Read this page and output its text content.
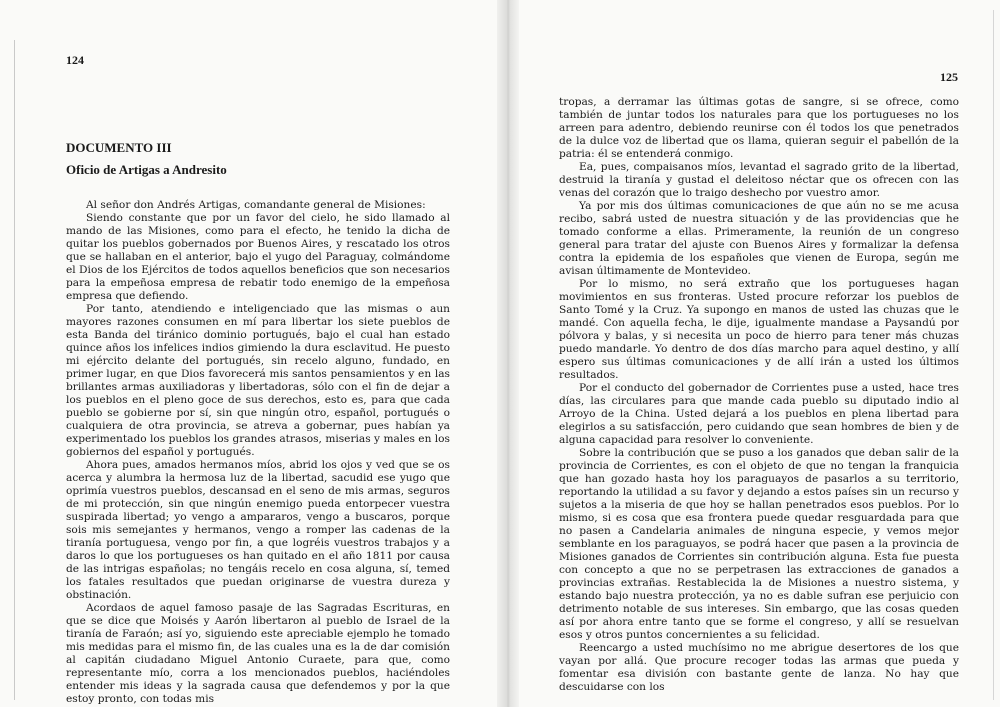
124
DOCUMENTO III
Oficio de Artigas a Andresito

Al señor don Andrés Artigas, comandante general de Misiones:

Siendo constante que por un favor del cielo, he sido llamado al mando de las Misiones, como para el efecto, he tenido la dicha de quitar los pueblos gobernados por Buenos Aires, y rescatado los otros que se hallaban en el anterior, bajo el yugo del Paraguay, colmándome el Dios de los Ejércitos de todos aquellos beneficios que son necesarios para la empeñosa empresa de rebatir todo enemigo de la empeñosa empresa que defiendo.

Por tanto, atendiendo e inteligenciado que las mismas o aun mayores razones consumen en mí para libertar los siete pueblos de esta Banda del tiránico dominio portugués, bajo el cual han estado quince años los infelices indios gimiendo la dura esclavitud. He puesto mi ejército delante del portugués, sin recelo alguno, fundado, en primer lugar, en que Dios favorecerá mis santos pensamientos y en las brillantes armas auxiliadoras y libertadoras, sólo con el fin de dejar a los pueblos en el pleno goce de sus derechos, esto es, para que cada pueblo se gobierne por sí, sin que ningún otro, español, portugués o cualquiera de otra provincia, se atreva a gobernar, pues habían ya experimentado los pueblos los grandes atrasos, miserias y males en los gobiernos del español y portugués.

Ahora pues, amados hermanos míos, abrid los ojos y ved que se os acerca y alumbra la hermosa luz de la libertad, sacudid ese yugo que oprimía vuestros pueblos, descansad en el seno de mis armas, seguros de mi protección, sin que ningún enemigo pueda entorpecer vuestra suspirada libertad; yo vengo a ampararos, vengo a buscaros, porque sois mis semejantes y hermanos, vengo a romper las cadenas de la tiranía portuguesa, vengo por fin, a que logréis vuestros trabajos y a daros lo que los portugueses os han quitado en el año 1811 por causa de las intrigas españolas; no tengáis recelo en cosa alguna, sí, temed los fatales resultados que puedan originarse de vuestra dureza y obstinación.

Acordaos de aquel famoso pasaje de las Sagradas Escrituras, en que se dice que Moisés y Aarón libertaron al pueblo de Israel de la tiranía de Faraón; así yo, siguiendo este apreciable ejemplo he tomado mis medidas para el mismo fin, de las cuales una es la de dar comisión al capitán ciudadano Miguel Antonio Curaete, para que, como representante mío, corra a los mencionados pueblos, haciéndoles entender mis ideas y la sagrada causa que defendemos y por la que estoy pronto, con todas mis

125

tropas, a derramar las últimas gotas de sangre, si se ofrece, como también de juntar todos los naturales para que los portugueses no los arreen para adentro, debiendo reunirse con él todos los que penetrados de la dulce voz de libertad que os llama, quieran seguir el pabellón de la patria: él se entenderá conmigo.

Ea, pues, compaisanos míos, levantad el sagrado grito de la libertad, destruid la tiranía y gustad el deleitoso néctar que os ofrecen con las venas del corazón que lo traigo deshecho por vuestro amor.

Ya por mis dos últimas comunicaciones de que aún no se me acusa recibo, sabrá usted de nuestra situación y de las providencias que he tomado conforme a ellas. Primeramente, la reunión de un congreso general para tratar del ajuste con Buenos Aires y formalizar la defensa contra la epidemia de los españoles que vienen de Europa, según me avisan últimamente de Montevideo.

Por lo mismo, no será extraño que los portugueses hagan movimientos en sus fronteras. Usted procure reforzar los pueblos de Santo Tomé y la Cruz. Ya supongo en manos de usted las chuzas que le mandé. Con aquella fecha, le dije, igualmente mandase a Paysandú por pólvora y balas, y si necesita un poco de hierro para tener más chuzas puedo mandarle. Yo dentro de dos días marcho para aquel destino, y allí espero sus últimas comunicaciones y de allí irán a usted los últimos resultados.

Por el conducto del gobernador de Corrientes puse a usted, hace tres días, las circulares para que mande cada pueblo su diputado indio al Arroyo de la China. Usted dejará a los pueblos en plena libertad para elegirlos a su satisfacción, pero cuidando que sean hombres de bien y de alguna capacidad para resolver lo conveniente.

Sobre la contribución que se puso a los ganados que deban salir de la provincia de Corrientes, es con el objeto de que no tengan la franquicia que han gozado hasta hoy los paraguayos de pasarlos a su territorio, reportando la utilidad a su favor y dejando a estos países sin un recurso y sujetos a la miseria de que hoy se hallan penetrados esos pueblos. Por lo mismo, si es cosa que esa frontera puede quedar resguardada para que no pasen a Candelaria animales de ninguna especie, y vemos mejor semblante en los paraguayos, se podrá hacer que pasen a la provincia de Misiones ganados de Corrientes sin contribución alguna. Esta fue puesta con concepto a que no se perpetrasen las extracciones de ganados a provincias extrañas. Restablecida la de Misiones a nuestro sistema, y estando bajo nuestra protección, ya no es dable sufran ese perjuicio con detrimento notable de sus intereses. Sin embargo, que las cosas queden así por ahora entre tanto que se forme el congreso, y allí se resuelvan esos y otros puntos concernientes a su felicidad.

Reencargo a usted muchísimo no me abrigue desertores de los que vayan por allá. Que procure recoger todas las armas que pueda y fomentar esa división con bastante gente de lanza. No hay que descuidarse con los
